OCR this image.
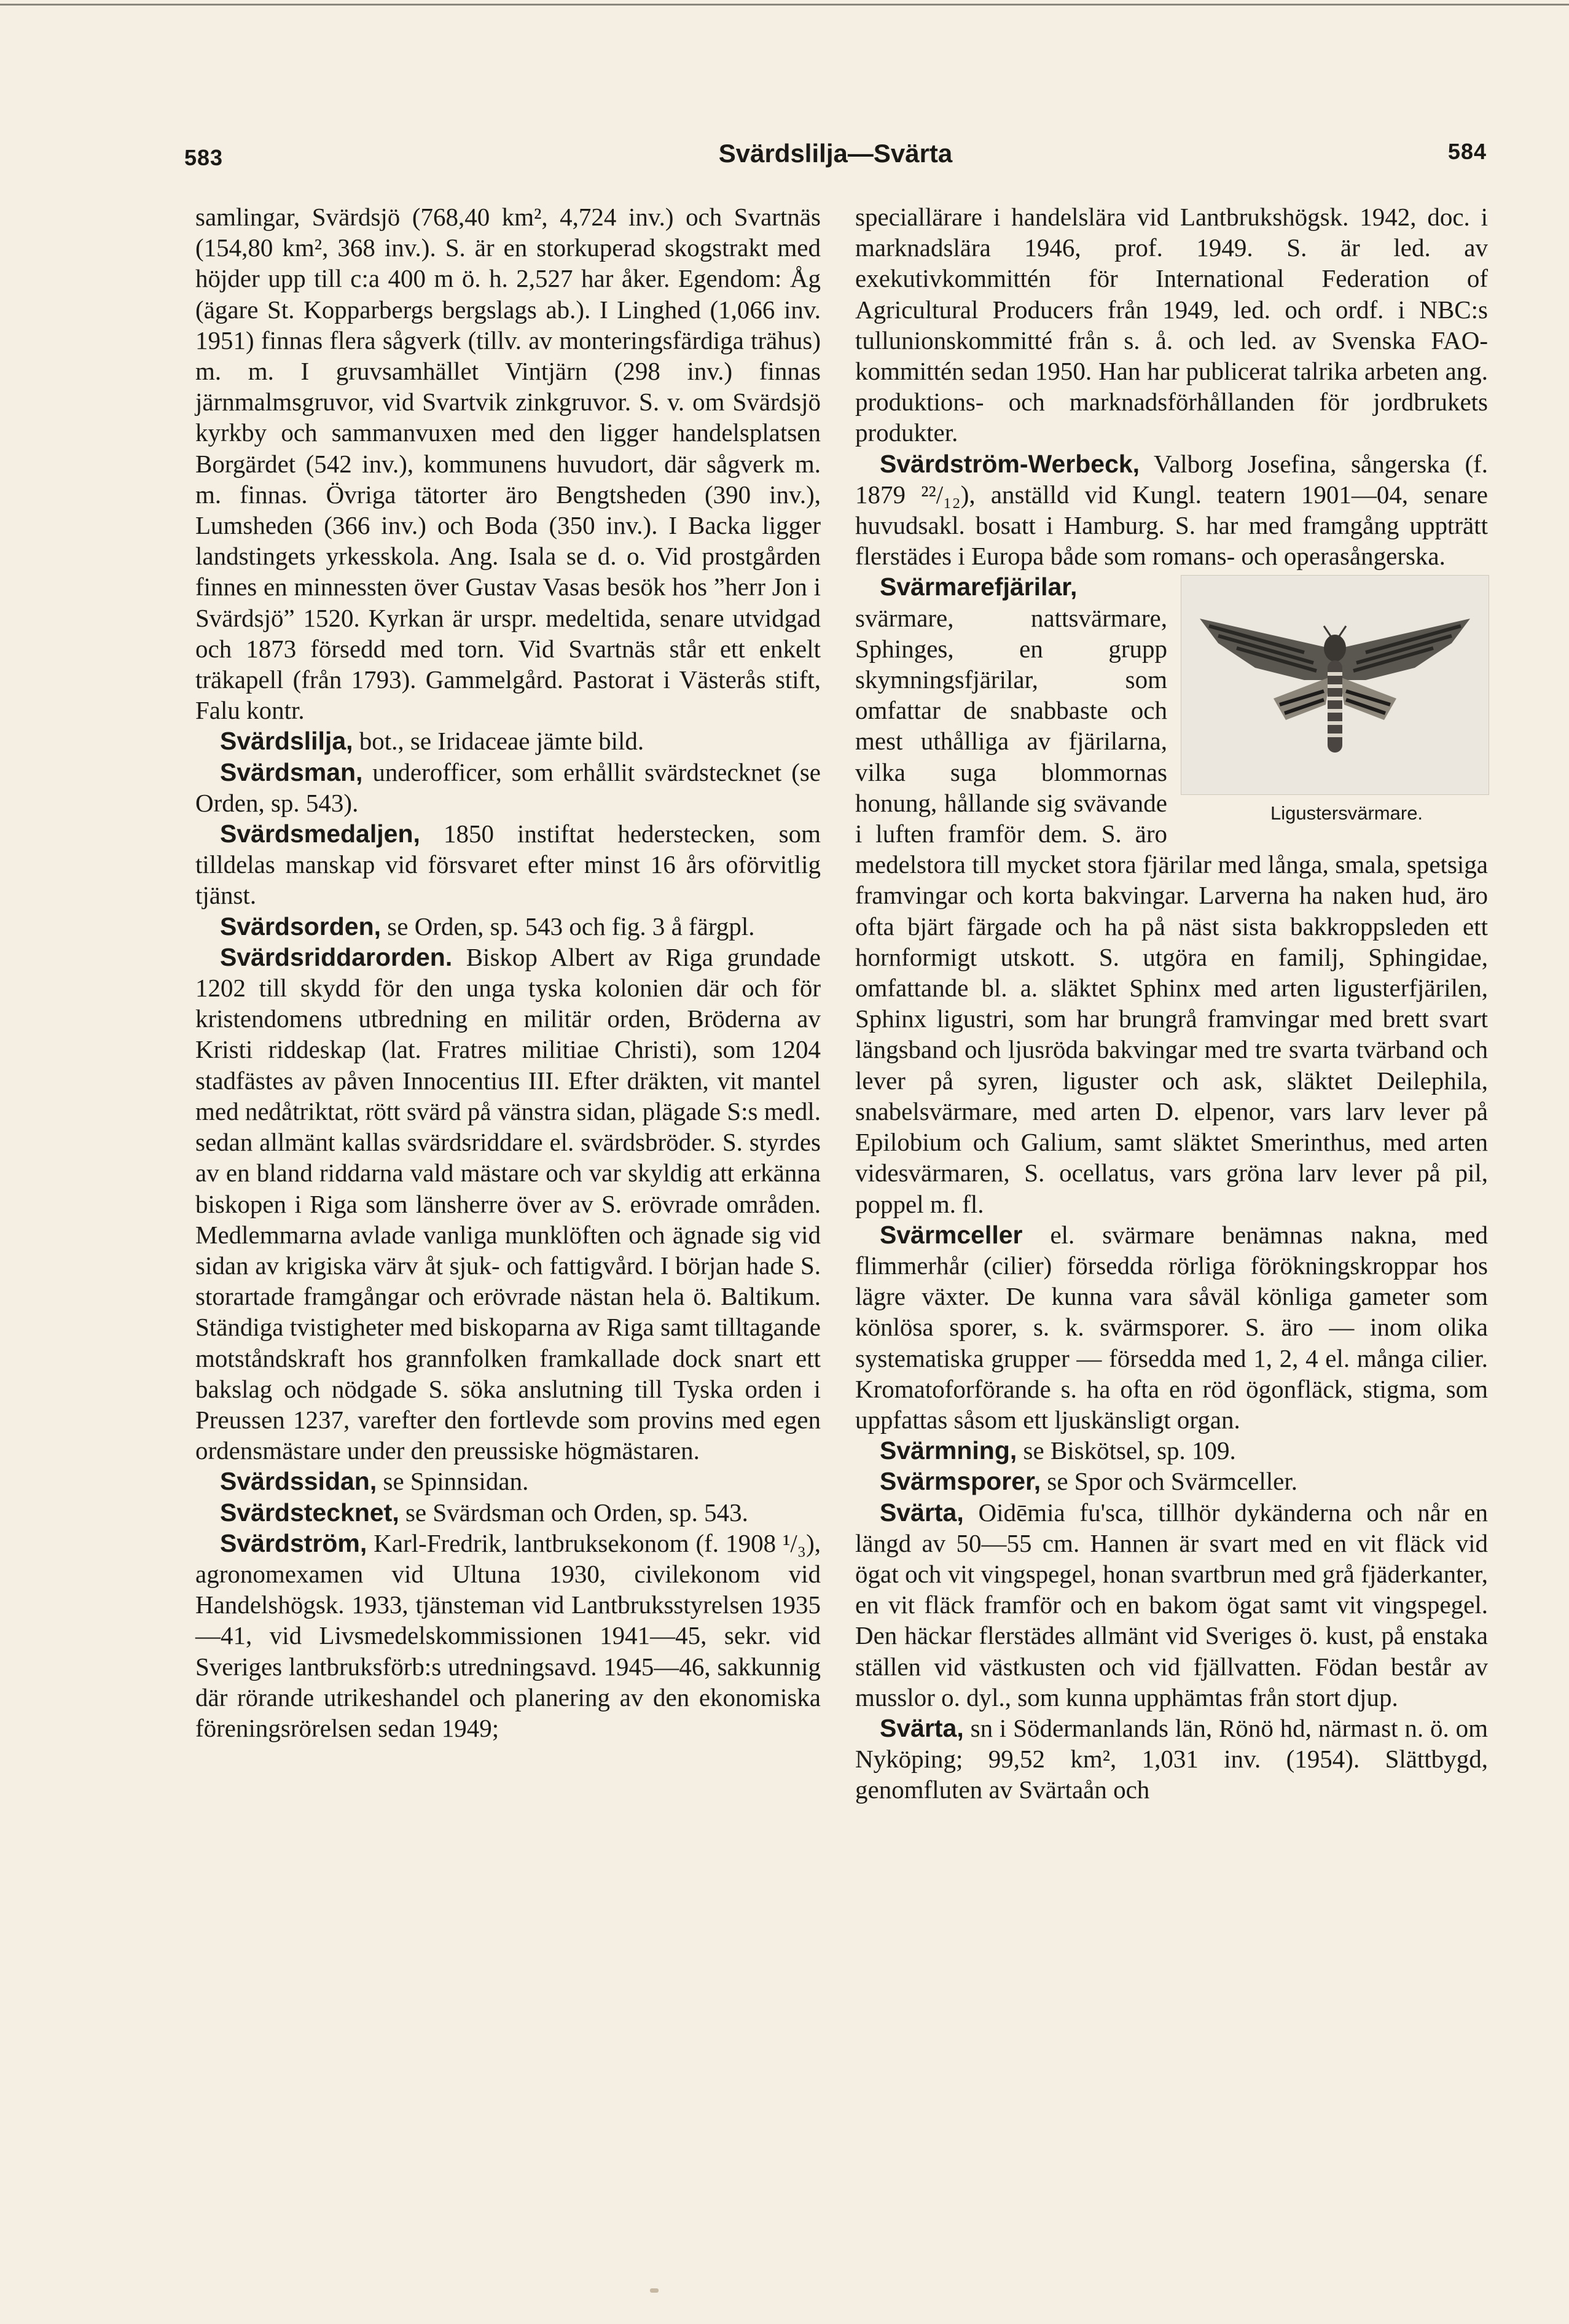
583	Svärdslilja—Svärta	584

samlingar, Svärdsjö (768,40 km², 4,724 inv.) och Svartnäs (154,80 km², 368 inv.). S. är en storkuperad skogstrakt med höjder upp till c:a 400 m ö. h. 2,527 har åker. Egendom: Åg (ägare St. Kopparbergs bergslags ab.). I Linghed (1,066 inv. 1951) finnas flera sågverk (tillv. av monteringsfärdiga trähus) m. m. I gruvsamhället Vintjärn (298 inv.) finnas järnmalmsgruvor, vid Svartvik zinkgruvor. S. v. om Svärdsjö kyrkby och sammanvuxen med den ligger handelsplatsen Borgärdet (542 inv.), kommunens huvudort, där sågverk m. m. finnas. Övriga tätorter äro Bengtsheden (390 inv.), Lumsheden (366 inv.) och Boda (350 inv.). I Backa ligger landstingets yrkesskola. Ang. Isala se d. o. Vid prostgården finnes en minnessten över Gustav Vasas besök hos ”herr Jon i Svärdsjö” 1520. Kyrkan är urspr. medeltida, senare utvidgad och 1873 försedd med torn. Vid Svartnäs står ett enkelt träkapell (från 1793). Gammelgård. Pastorat i Västerås stift, Falu kontr.

Svärdslilja, bot., se Iridaceae jämte bild.

Svärdsman, underofficer, som erhållit svärdstecknet (se Orden, sp. 543).

Svärdsmedaljen, 1850 instiftat hederstecken, som tilldelas manskap vid försvaret efter minst 16 års oförvitlig tjänst.

Svärdsorden, se Orden, sp. 543 och fig. 3 å färgpl.

Svärdsriddarorden. Biskop Albert av Riga grundade 1202 till skydd för den unga tyska kolonien där och för kristendomens utbredning en militär orden, Bröderna av Kristi riddeskap (lat. Fratres militiae Christi), som 1204 stadfästes av påven Innocentius III. Efter dräkten, vit mantel med nedåtriktat, rött svärd på vänstra sidan, plägade S:s medl. sedan allmänt kallas svärdsriddare el. svärdsbröder. S. styrdes av en bland riddarna vald mästare och var skyldig att erkänna biskopen i Riga som länsherre över av S. erövrade områden. Medlemmarna avlade vanliga munklöften och ägnade sig vid sidan av krigiska värv åt sjuk- och fattigvård. I början hade S. storartade framgångar och erövrade nästan hela ö. Baltikum. Ständiga tvistigheter med biskoparna av Riga samt tilltagande motståndskraft hos grannfolken framkallade dock snart ett bakslag och nödgade S. söka anslutning till Tyska orden i Preussen 1237, varefter den fortlevde som provins med egen ordensmästare under den preussiske högmästaren.

Svärdssidan, se Spinnsidan.

Svärdstecknet, se Svärdsman och Orden, sp. 543.

Svärdström, Karl-Fredrik, lantbruksekonom (f. 1908 ¹/₃), agronomexamen vid Ultuna 1930, civilekonom vid Handelshögsk. 1933, tjänsteman vid Lantbruksstyrelsen 1935—41, vid Livsmedelskommissionen 1941—45, sekr. vid Sveriges lantbruksförb:s utredningsavd. 1945—46, sakkunnig där rörande utrikeshandel och planering av den ekonomiska föreningsrörelsen sedan 1949;

speciallärare i handelslära vid Lantbrukshögsk. 1942, doc. i marknadslära 1946, prof. 1949. S. är led. av exekutivkommittén för International Federation of Agricultural Producers från 1949, led. och ordf. i NBC:s tullunionskommitté från s. å. och led. av Svenska FAO-kommittén sedan 1950. Han har publicerat talrika arbeten ang. produktions- och marknadsförhållanden för jordbrukets produkter.

Svärdström-Werbeck, Valborg Josefina, sångerska (f. 1879 ²²/₁₂), anställd vid Kungl. teatern 1901—04, senare huvudsakl. bosatt i Hamburg. S. har med framgång uppträtt flerstädes i Europa både som romans- och operasångerska.

Ligustersvärmare.
Svärmarefjärilar, svärmare, nattsvärmare, Sphinges, en grupp skymningsfjärilar, som omfattar de snabbaste och mest uthålliga av fjärilarna, vilka suga blommornas honung, hållande sig svävande i luften framför dem. S. äro medelstora till mycket stora fjärilar med långa, smala, spetsiga framvingar och korta bakvingar. Larverna ha naken hud, äro ofta bjärt färgade och ha på näst sista bakkroppsleden ett hornformigt utskott. S. utgöra en familj, Sphingidae, omfattande bl. a. släktet Sphinx med arten ligusterfjärilen, Sphinx ligustri, som har brungrå framvingar med brett svart längsband och ljusröda bakvingar med tre svarta tvärband och lever på syren, liguster och ask, släktet Deilephila, snabelsvärmare, med arten D. elpenor, vars larv lever på Epilobium och Galium, samt släktet Smerinthus, med arten videsvärmaren, S. ocellatus, vars gröna larv lever på pil, poppel m. fl.

Svärmceller el. svärmare benämnas nakna, med flimmerhår (cilier) försedda rörliga förökningskroppar hos lägre växter. De kunna vara såväl könliga gameter som könlösa sporer, s. k. svärmsporer. S. äro — inom olika systematiska grupper — försedda med 1, 2, 4 el. många cilier. Kromatoforförande s. ha ofta en röd ögonfläck, stigma, som uppfattas såsom ett ljuskänsligt organ.

Svärmning, se Biskötsel, sp. 109.

Svärmsporer, se Spor och Svärmceller.

Svärta, Oidēmia fu'sca, tillhör dykänderna och når en längd av 50—55 cm. Hannen är svart med en vit fläck vid ögat och vit vingspegel, honan svartbrun med grå fjäderkanter, en vit fläck framför och en bakom ögat samt vit vingspegel. Den häckar flerstädes allmänt vid Sveriges ö. kust, på enstaka ställen vid västkusten och vid fjällvatten. Födan består av musslor o. dyl., som kunna upphämtas från stort djup.

Svärta, sn i Södermanlands län, Rönö hd, närmast n. ö. om Nyköping; 99,52 km², 1,031 inv. (1954). Slättbygd, genomfluten av Svärtaån och
